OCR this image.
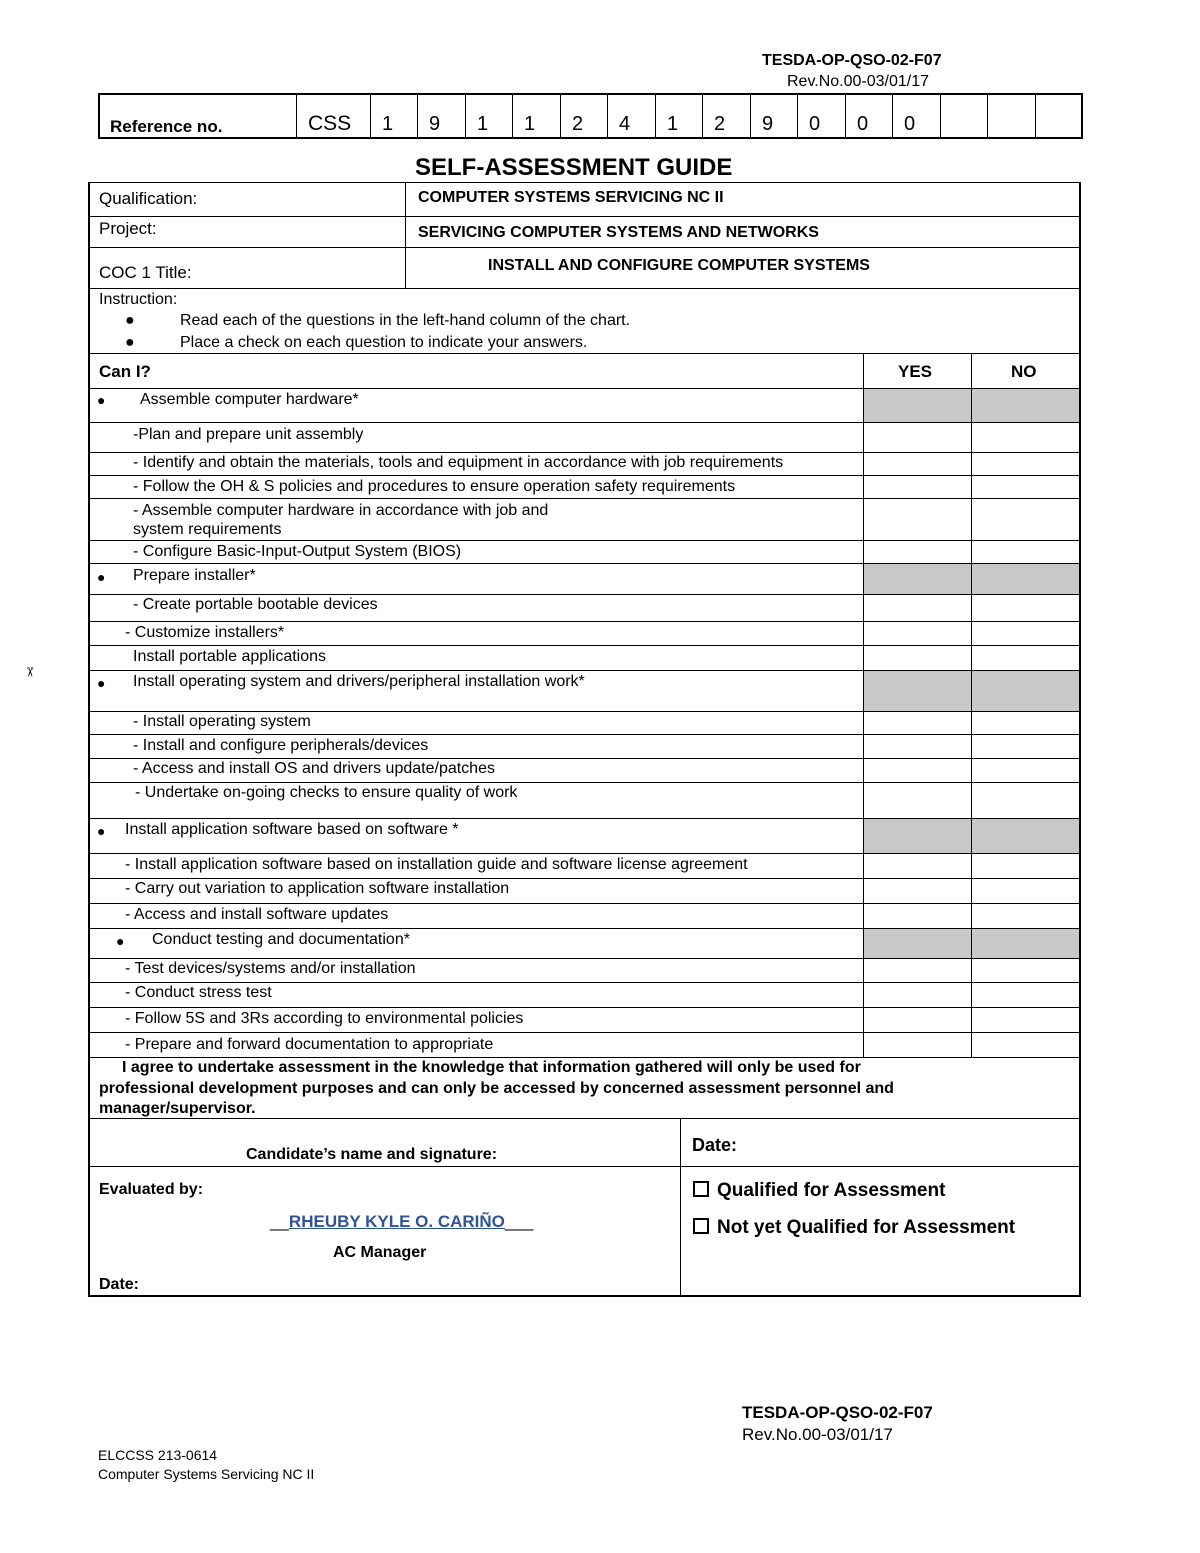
TESDA-OP-QSO-02-F07
Rev.No.00-03/01/17
Reference no.	CSS 1 9 1 1 2 4 1 2 9 0 0 0
SELF-ASSESSMENT GUIDE
Qualification:	COMPUTER SYSTEMS SERVICING NC II
Project:	SERVICING COMPUTER SYSTEMS AND NETWORKS
COC 1 Title:	INSTALL AND CONFIGURE COMPUTER SYSTEMS
Instruction:
●	Read each of the questions in the left-hand column of the chart.
●	Place a check on each question to indicate your answers.
Can I?	YES	NO
● Assemble computer hardware*
-Plan and prepare unit assembly
- Identify and obtain the materials, tools and equipment in accordance with job requirements
- Follow the OH & S policies and procedures to ensure operation safety requirements
- Assemble computer hardware in accordance with job and
system requirements
- Configure Basic-Input-Output System (BIOS)
● Prepare installer*
- Create portable bootable devices
- Customize installers*
Install portable applications
● Install operating system and drivers/peripheral installation work*
- Install operating system
- Install and configure peripherals/devices
- Access and install OS and drivers update/patches
- Undertake on-going checks to ensure quality of work
● Install application software based on software *
- Install application software based on installation guide and software license agreement
- Carry out variation to application software installation
- Access and install software updates
● Conduct testing and documentation*
- Test devices/systems and/or installation
- Conduct stress test
- Follow 5S and 3Rs according to environmental policies
- Prepare and forward documentation to appropriate
I agree to undertake assessment in the knowledge that information gathered will only be used for
professional development purposes and can only be accessed by concerned assessment personnel and
manager/supervisor.
Candidate’s name and signature:	Date:
Evaluated by:
__RHEUBY KYLE O. CARIÑO___
AC Manager
Date:
Qualified for Assessment
Not yet Qualified for Assessment
✂
TESDA-OP-QSO-02-F07
Rev.No.00-03/01/17
ELCCSS 213-0614
Computer Systems Servicing NC II
